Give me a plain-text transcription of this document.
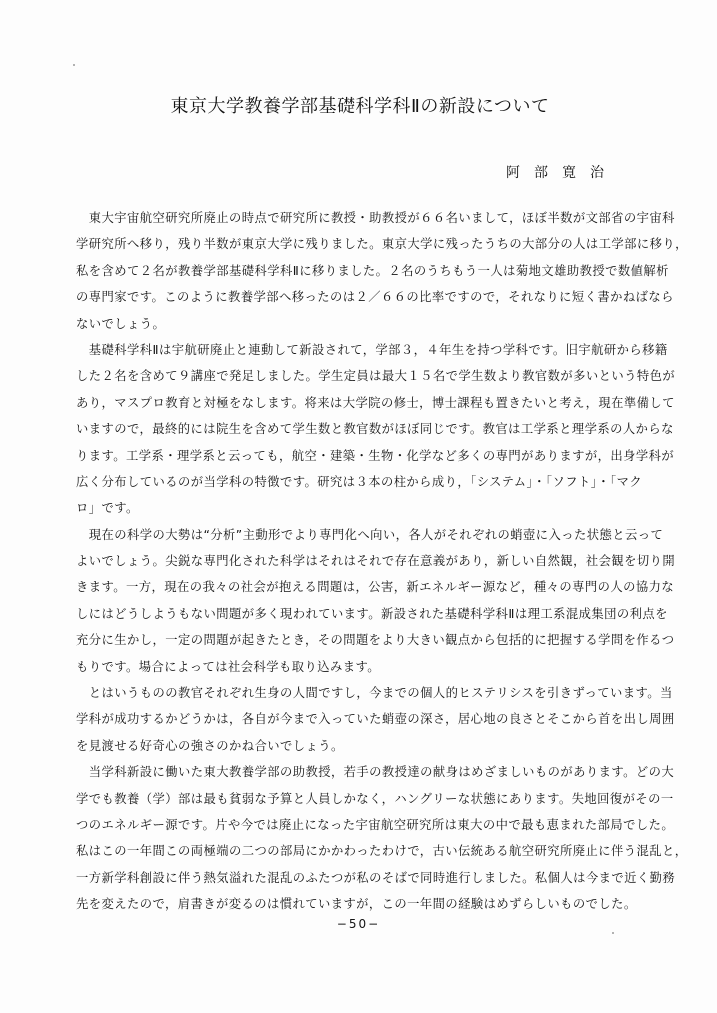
東京大学教養学部基礎科学科Ⅱの新設について
阿部寛治
　東大宇宙航空研究所廃止の時点で研究所に教授・助教授が６６名いまして，ほぼ半数が文部省の宇宙科
学研究所へ移り，残り半数が東京大学に残りました。東京大学に残ったうちの大部分の人は工学部に移り，
私を含めて２名が教養学部基礎科学科Ⅱに移りました。２名のうちもう一人は菊地文雄助教授で数値解析
の専門家です。このように教養学部へ移ったのは２／６６の比率ですので，それなりに短く書かねばなら
ないでしょう。
　基礎科学科Ⅱは宇航研廃止と連動して新設されて，学部３，４年生を持つ学科です。旧宇航研から移籍
した２名を含めて９講座で発足しました。学生定員は最大１５名で学生数より教官数が多いという特色が
あり，マスプロ教育と対極をなします。将来は大学院の修士，博士課程も置きたいと考え，現在準備して
いますので，最終的には院生を含めて学生数と教官数がほぼ同じです。教官は工学系と理学系の人からな
ります。工学系・理学系と云っても，航空・建築・生物・化学など多くの専門がありますが，出身学科が
広く分布しているのが当学科の特徴です。研究は３本の柱から成り，「システム」・「ソフト」・「マク
ロ」です。
　現在の科学の大勢は“分析”主動形でより専門化へ向い，各人がそれぞれの蛸壺に入った状態と云って
よいでしょう。尖鋭な専門化された科学はそれはそれで存在意義があり，新しい自然観，社会観を切り開
きます。一方，現在の我々の社会が抱える問題は，公害，新エネルギー源など，種々の専門の人の協力な
しにはどうしようもない問題が多く現われています。新設された基礎科学科Ⅱは理工系混成集団の利点を
充分に生かし，一定の問題が起きたとき，その問題をより大きい観点から包括的に把握する学問を作るつ
もりです。場合によっては社会科学も取り込みます。
　とはいうものの教官それぞれ生身の人間ですし，今までの個人的ヒステリシスを引きずっています。当
学科が成功するかどうかは，各自が今まで入っていた蛸壺の深さ，居心地の良さとそこから首を出し周囲
を見渡せる好奇心の強さのかね合いでしょう。
　当学科新設に働いた東大教養学部の助教授，若手の教授達の献身はめざましいものがあります。どの大
学でも教養（学）部は最も貧弱な予算と人員しかなく，ハングリーな状態にあります。失地回復がその一
つのエネルギー源です。片や今では廃止になった宇宙航空研究所は東大の中で最も恵まれた部局でした。
私はこの一年間この両極端の二つの部局にかかわったわけで，古い伝統ある航空研究所廃止に伴う混乱と，
一方新学科創設に伴う熱気溢れた混乱のふたつが私のそばで同時進行しました。私個人は今まで近く勤務
先を変えたので，肩書きが変るのは慣れていますが，この一年間の経験はめずらしいものでした。
−50−
